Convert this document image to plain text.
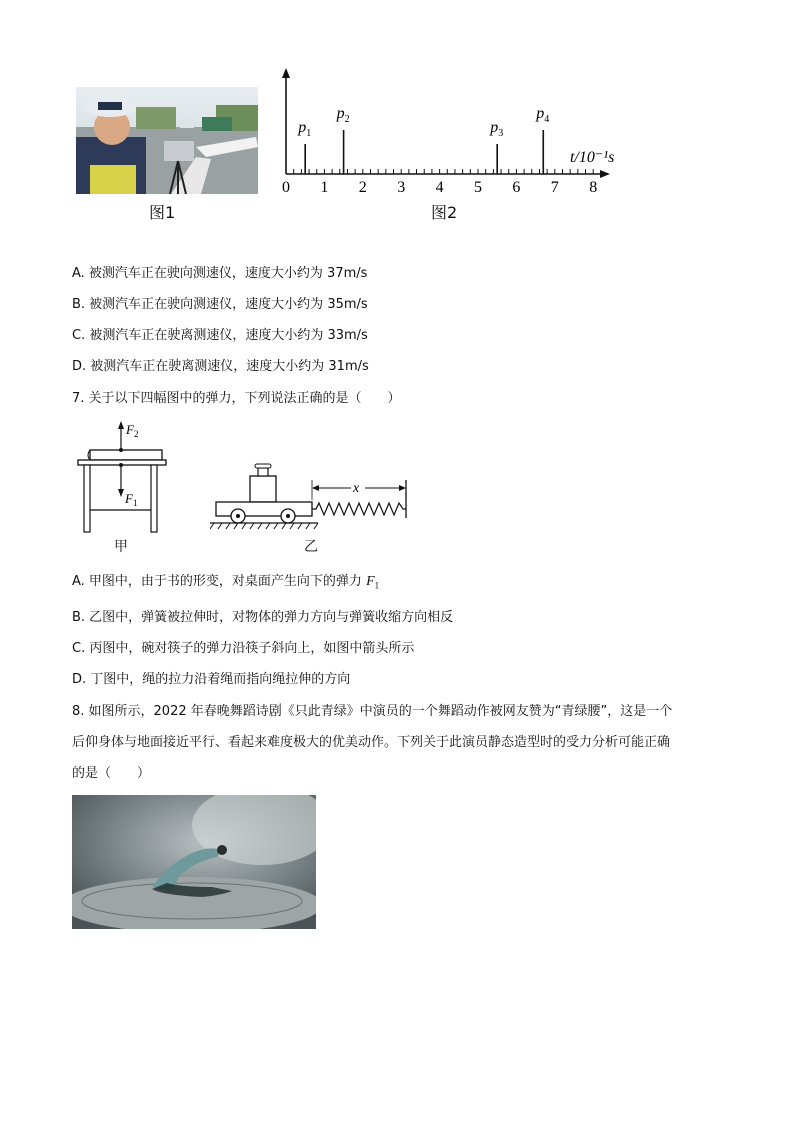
图1
0 1 2 3 4 5 6 7 8
$p_1$
$p_2$	$p_3$
$p_4$
t/10⁻¹s
图2
A. 被测汽车正在驶向测速仪，速度大小约为 37m/s
B. 被测汽车正在驶向测速仪，速度大小约为 35m/s
C. 被测汽车正在驶离测速仪，速度大小约为 33m/s
D. 被测汽车正在驶离测速仪，速度大小约为 31m/s
7. 关于以下四幅图中的弹力，下列说法正确的是（　　）
$F_2$
$F_1$
甲
x
乙
A. 甲图中，由于书的形变，对桌面产生向下的弹力 $F_1$
B. 乙图中，弹簧被拉伸时，对物体的弹力方向与弹簧收缩方向相反
C. 丙图中，碗对筷子的弹力沿筷子斜向上，如图中箭头所示
D. 丁图中，绳的拉力沿着绳而指向绳拉伸的方向
8. 如图所示，2022 年春晚舞蹈诗剧《只此青绿》中演员的一个舞蹈动作被网友赞为“青绿腰”，这是一个
后仰身体与地面接近平行、看起来难度极大的优美动作。下列关于此演员静态造型时的受力分析可能正确
的是（　　）
